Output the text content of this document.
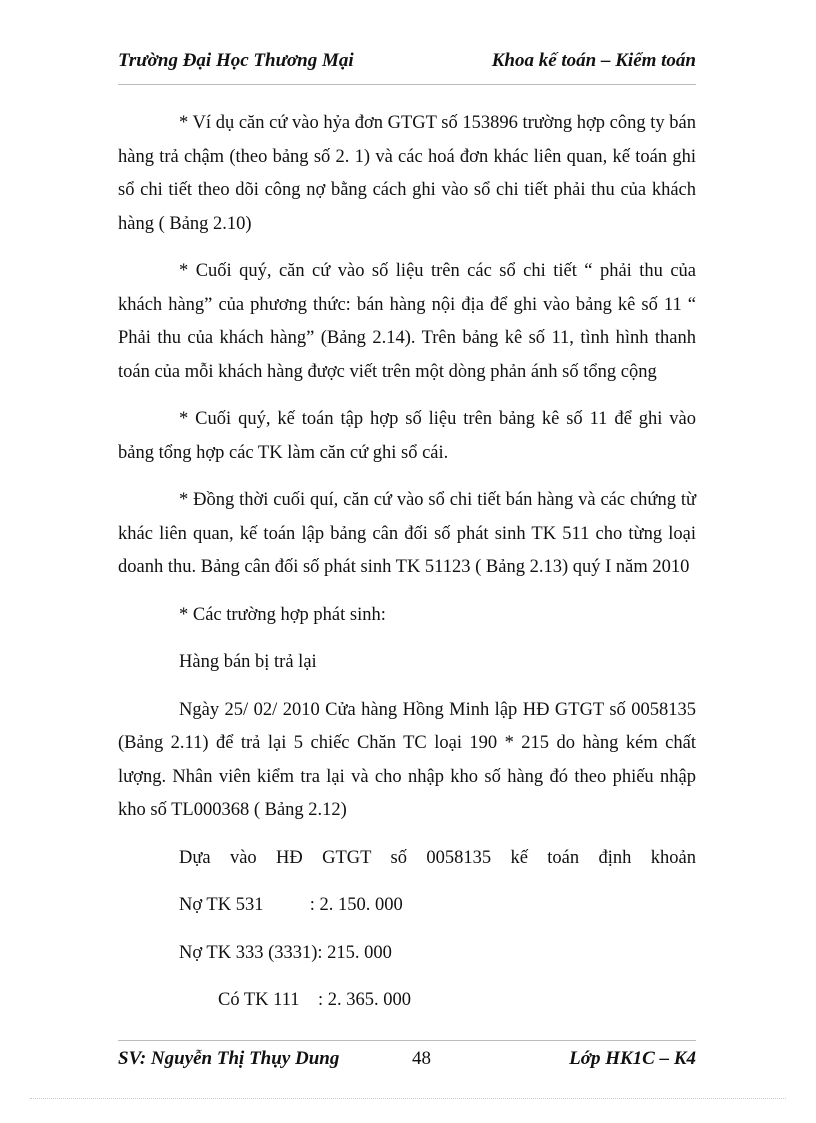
Trường Đại Học Thương Mại	Khoa kế toán – Kiểm toán

* Ví dụ căn cứ vào hỷa đơn GTGT số 153896 trường hợp công ty bán hàng trả chậm (theo bảng số 2. 1) và các hoá đơn khác liên quan, kế toán ghi sổ chi tiết theo dõi công nợ bằng cách ghi vào sổ chi tiết phải thu của khách hàng ( Bảng 2.10)

* Cuối quý, căn cứ vào số liệu trên các sổ chi tiết “ phải thu của khách hàng” của phương thức: bán hàng nội địa để ghi vào bảng kê số 11 “ Phải thu của khách hàng” (Bảng 2.14). Trên bảng kê số 11, tình hình thanh toán của mỗi khách hàng được viết trên một dòng phản ánh số tổng cộng

* Cuối quý, kế toán tập hợp số liệu trên bảng kê số 11 để ghi vào bảng tổng hợp các TK làm căn cứ ghi sổ cái.

* Đồng thời cuối quí, căn cứ vào sổ chi tiết bán hàng và các chứng từ khác liên quan, kế toán lập bảng cân đối số phát sinh TK 511 cho từng loại doanh thu. Bảng cân đối số phát sinh TK 51123 ( Bảng 2.13) quý I năm 2010

* Các trường hợp phát sinh:

Hàng bán bị trả lại

Ngày 25/ 02/ 2010 Cửa hàng Hồng Minh lập HĐ GTGT số 0058135 (Bảng 2.11) để trả lại 5 chiếc Chăn TC loại 190 * 215 do hàng kém chất lượng. Nhân viên kiểm tra lại và cho nhập kho số hàng đó theo phiếu nhập kho số TL000368 ( Bảng 2.12)

Dựa vào HĐ GTGT số 0058135 kế toán định khoản

Nợ TK 531          : 2. 150. 000

Nợ TK 333 (3331): 215. 000

Có TK 111    : 2. 365. 000

SV: Nguyễn Thị Thụy Dung	48	Lớp HK1C – K4
